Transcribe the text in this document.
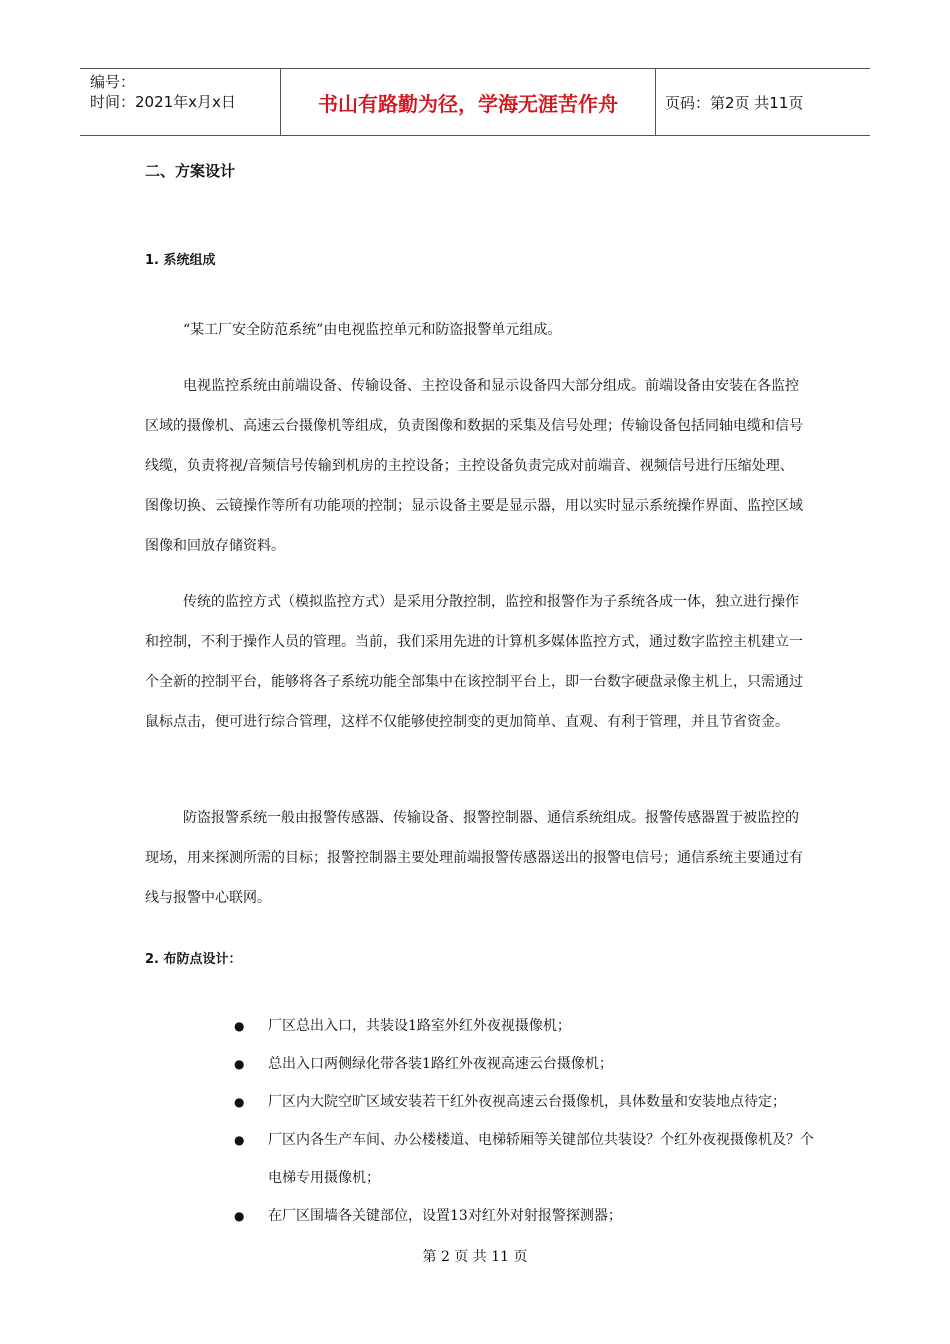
编号：
时间：2021年x月x日	书山有路勤为径，学海无涯苦作舟	页码：第2页 共11页
二、方案设计
1. 系统组成

“某工厂安全防范系统”由电视监控单元和防盗报警单元组成。

电视监控系统由前端设备、传输设备、主控设备和显示设备四大部分组成。前端设备由安装在各监控区域的摄像机、高速云台摄像机等组成，负责图像和数据的采集及信号处理；传输设备包括同轴电缆和信号线缆，负责将视/音频信号传输到机房的主控设备；主控设备负责完成对前端音、视频信号进行压缩处理、图像切换、云镜操作等所有功能项的控制；显示设备主要是显示器，用以实时显示系统操作界面、监控区域图像和回放存储资料。

传统的监控方式（模拟监控方式）是采用分散控制，监控和报警作为子系统各成一体，独立进行操作和控制，不利于操作人员的管理。当前，我们采用先进的计算机多媒体监控方式，通过数字监控主机建立一个全新的控制平台，能够将各子系统功能全部集中在该控制平台上，即一台数字硬盘录像主机上，只需通过鼠标点击，便可进行综合管理，这样不仅能够使控制变的更加简单、直观、有利于管理，并且节省资金。

防盗报警系统一般由报警传感器、传输设备、报警控制器、通信系统组成。报警传感器置于被监控的现场，用来探测所需的目标；报警控制器主要处理前端报警传感器送出的报警电信号；通信系统主要通过有线与报警中心联网。

2. 布防点设计：
● 厂区总出入口，共装设1路室外红外夜视摄像机；
● 总出入口两侧绿化带各装1路红外夜视高速云台摄像机；
● 厂区内大院空旷区域安装若干红外夜视高速云台摄像机，具体数量和安装地点待定；
● 厂区内各生产车间、办公楼楼道、电梯轿厢等关键部位共装设？个红外夜视摄像机及？个电梯专用摄像机；
● 在厂区围墙各关键部位，设置13对红外对射报警探测器；
第 2 页 共 11 页
